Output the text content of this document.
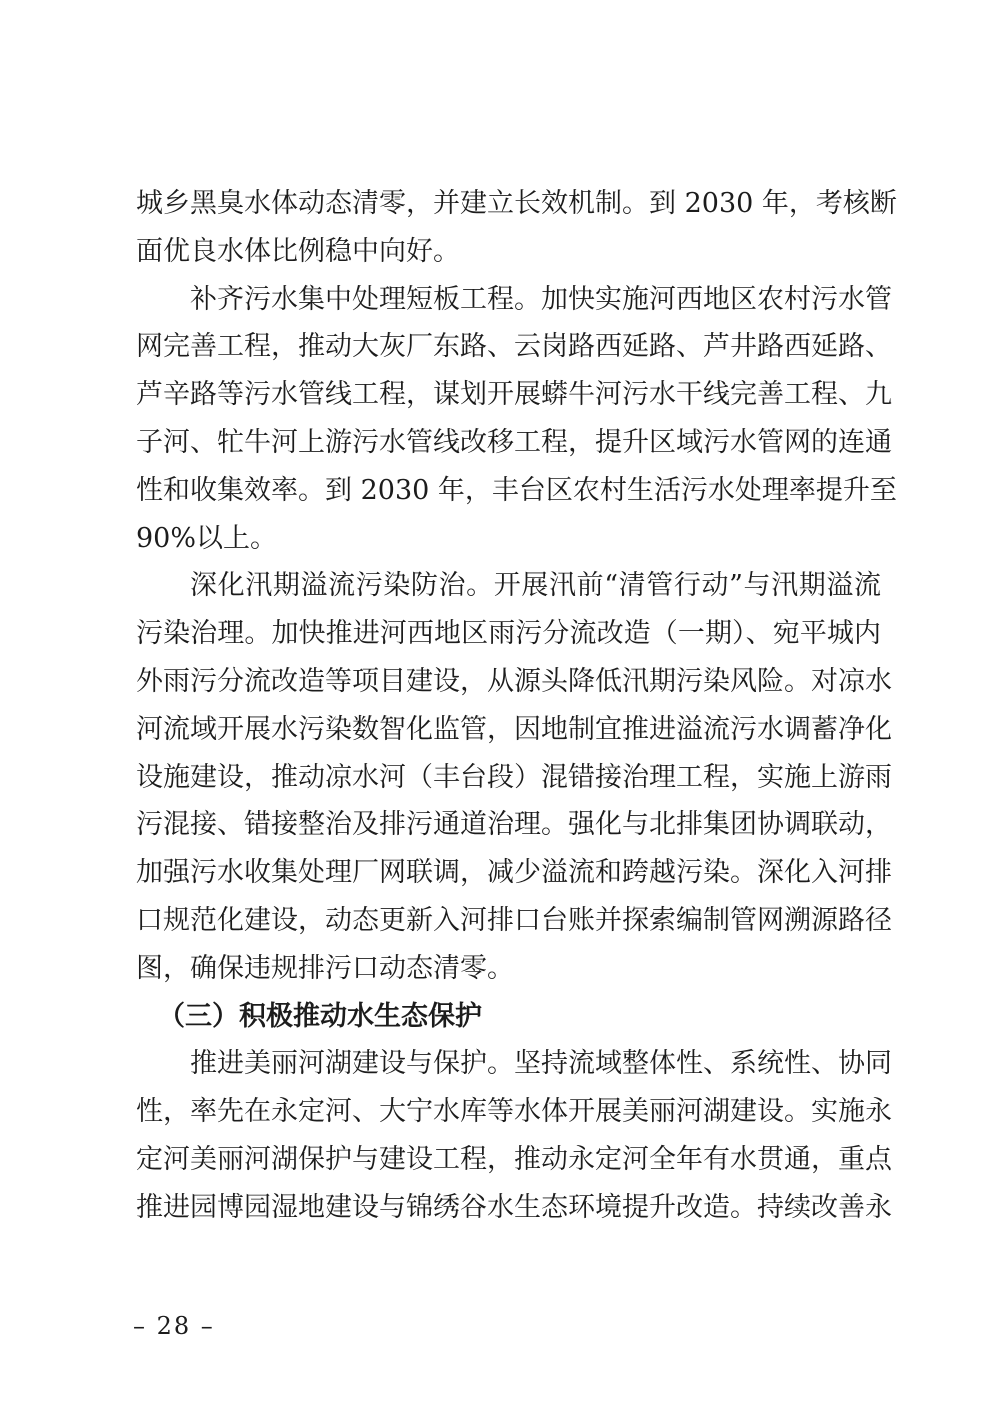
城乡黑臭水体动态清零，并建立长效机制。到 2030 年，考核断
面优良水体比例稳中向好。
补齐污水集中处理短板工程。加快实施河西地区农村污水管
网完善工程，推动大灰厂东路、云岗路西延路、芦井路西延路、
芦辛路等污水管线工程，谋划开展蟒牛河污水干线完善工程、九
子河、牤牛河上游污水管线改移工程，提升区域污水管网的连通
性和收集效率。到 2030 年，丰台区农村生活污水处理率提升至
90%以上。
深化汛期溢流污染防治。开展汛前“清管行动”与汛期溢流
污染治理。加快推进河西地区雨污分流改造（一期）、宛平城内
外雨污分流改造等项目建设，从源头降低汛期污染风险。对凉水
河流域开展水污染数智化监管，因地制宜推进溢流污水调蓄净化
设施建设，推动凉水河（丰台段）混错接治理工程，实施上游雨
污混接、错接整治及排污通道治理。强化与北排集团协调联动，
加强污水收集处理厂网联调，减少溢流和跨越污染。深化入河排
口规范化建设，动态更新入河排口台账并探索编制管网溯源路径
图，确保违规排污口动态清零。
（三）积极推动水生态保护
推进美丽河湖建设与保护。坚持流域整体性、系统性、协同
性，率先在永定河、大宁水库等水体开展美丽河湖建设。实施永
定河美丽河湖保护与建设工程，推动永定河全年有水贯通，重点
推进园博园湿地建设与锦绣谷水生态环境提升改造。持续改善永
– 28 –
